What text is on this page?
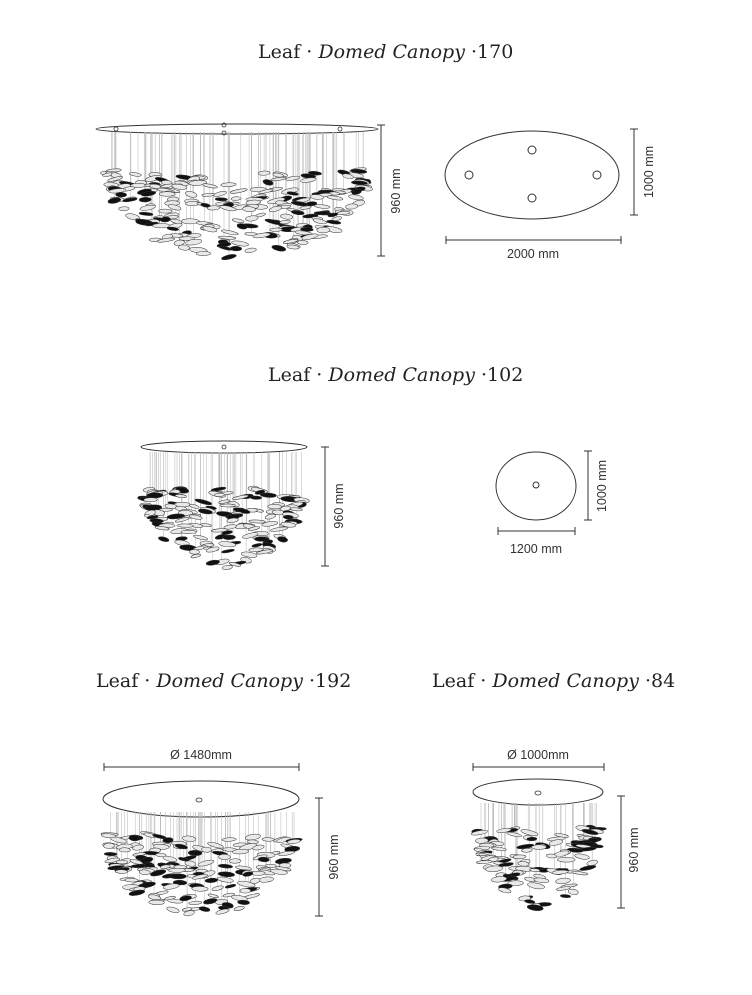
Leaf · Domed Canopy ·170
Leaf · Domed Canopy ·102
Leaf · Domed Canopy ·192	Leaf · Domed Canopy ·84
960 mm
2000 mm
1000 mm
960 mm
1200 mm
1000 mm
Ø 1480mm
960 mm
Ø 1000mm
960 mm
